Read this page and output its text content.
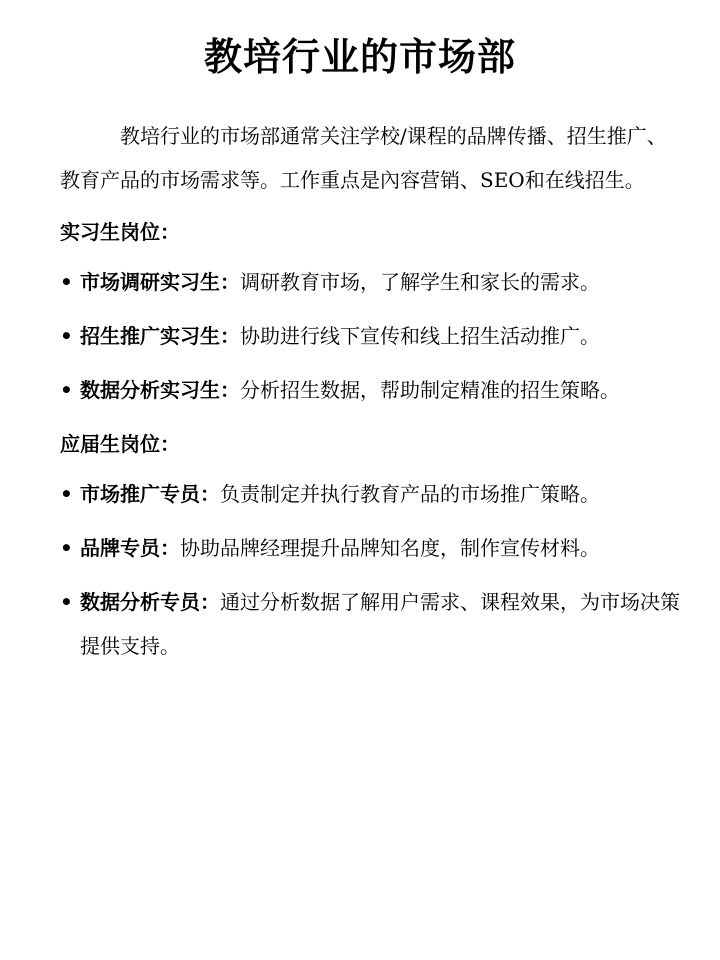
教培行业的市场部

教培行业的市场部通常关注学校/课程的品牌传播、招生推广、教育产品的市场需求等。工作重点是內容营销、SEO和在线招生。

实习生岗位：
• 市场调研实习生：调研教育市场，了解学生和家长的需求。
• 招生推广实习生：协助进行线下宣传和线上招生活动推广。
• 数据分析实习生：分析招生数据，帮助制定精准的招生策略。
应届生岗位：
• 市场推广专员：负责制定并执行教育产品的市场推广策略。
• 品牌专员：协助品牌经理提升品牌知名度，制作宣传材料。
• 数据分析专员：通过分析数据了解用户需求、课程效果，为市场决策提供支持。
